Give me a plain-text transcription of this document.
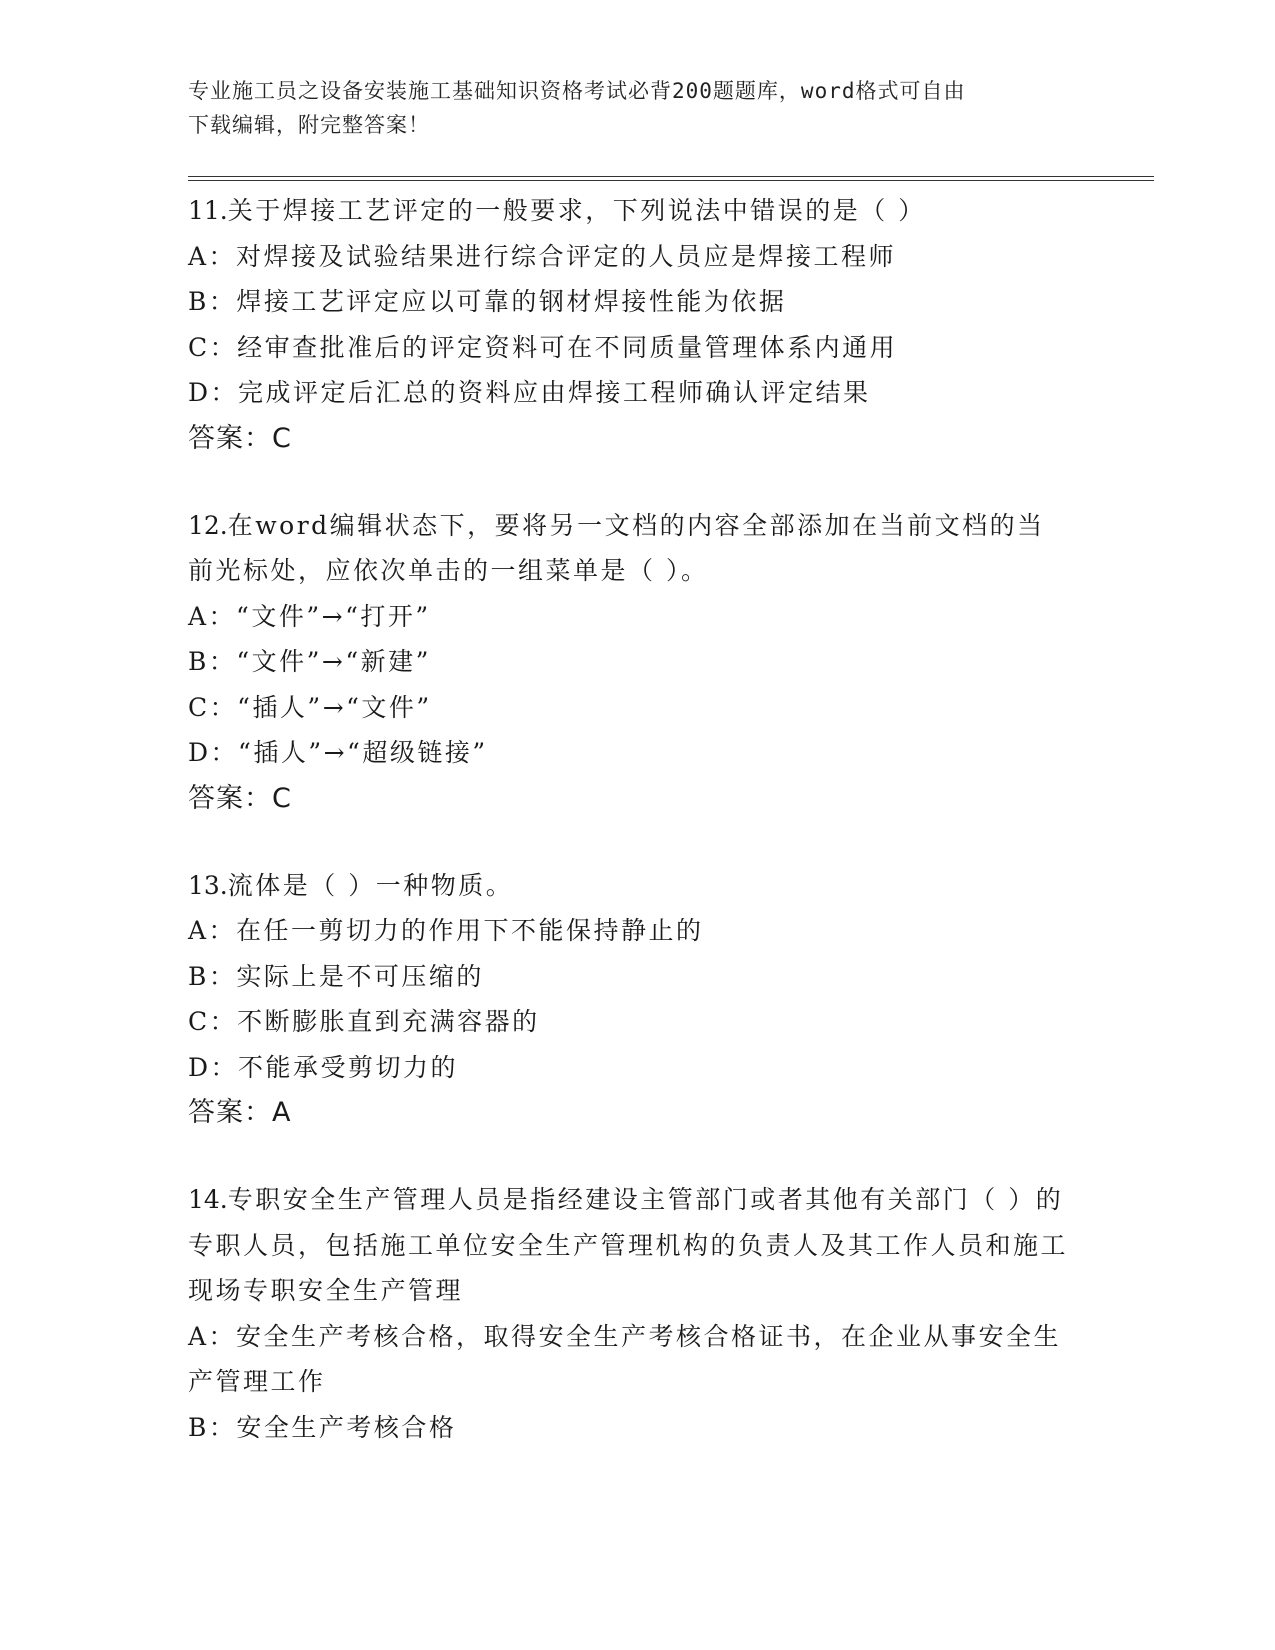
专业施工员之设备安装施工基础知识资格考试必背200题题库，word格式可自由
下载编辑，附完整答案！
11.关于焊接工艺评定的一般要求，下列说法中错误的是（ ）
A：对焊接及试验结果进行综合评定的人员应是焊接工程师
B：焊接工艺评定应以可靠的钢材焊接性能为依据
C：经审查批准后的评定资料可在不同质量管理体系内通用
D：完成评定后汇总的资料应由焊接工程师确认评定结果
答案：C
12.在word编辑状态下，要将另一文档的内容全部添加在当前文档的当前光标处，应依次单击的一组菜单是（ ）。
A：“文件”→“打开”
B：“文件”→“新建”
C：“插人”→“文件”
D：“插人”→“超级链接”
答案：C
13.流体是（ ）一种物质。
A：在任一剪切力的作用下不能保持静止的
B：实际上是不可压缩的
C：不断膨胀直到充满容器的
D：不能承受剪切力的
答案：A
14.专职安全生产管理人员是指经建设主管部门或者其他有关部门（ ）的专职人员，包括施工单位安全生产管理机构的负责人及其工作人员和施工现场专职安全生产管理
A：安全生产考核合格，取得安全生产考核合格证书，在企业从事安全生产管理工作
B：安全生产考核合格
